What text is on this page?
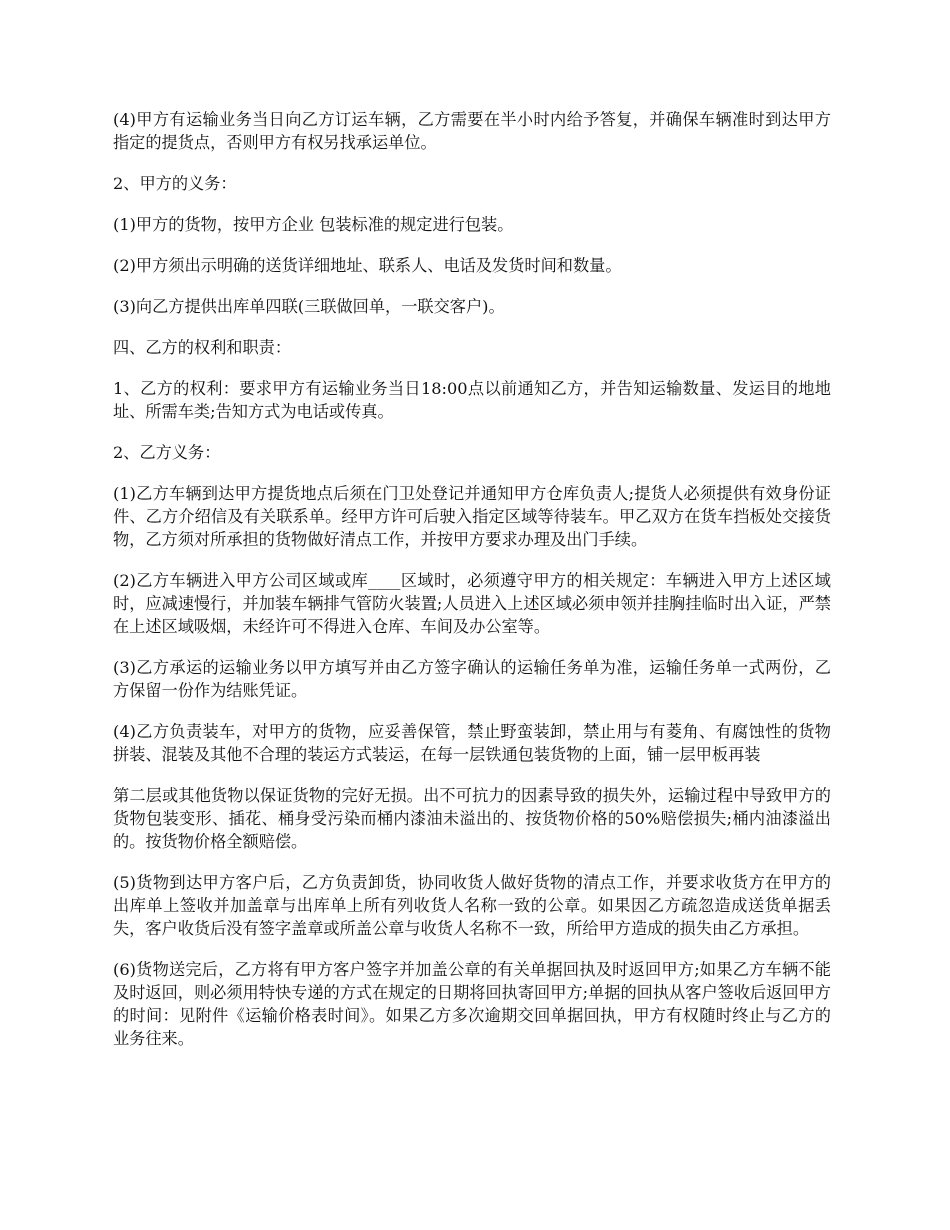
(4)甲方有运输业务当日向乙方订运车辆，乙方需要在半小时内给予答复，并确保车辆准时到达甲方指定的提货点，否则甲方有权另找承运单位。

2、甲方的义务：

(1)甲方的货物，按甲方企业 包装标准的规定进行包装。

(2)甲方须出示明确的送货详细地址、联系人、电话及发货时间和数量。

(3)向乙方提供出库单四联(三联做回单，一联交客户)。

四、乙方的权利和职责：

1、乙方的权利：要求甲方有运输业务当日18:00点以前通知乙方，并告知运输数量、发运目的地地址、所需车类;告知方式为电话或传真。

2、乙方义务：

(1)乙方车辆到达甲方提货地点后须在门卫处登记并通知甲方仓库负责人;提货人必须提供有效身份证件、乙方介绍信及有关联系单。经甲方许可后驶入指定区域等待装车。甲乙双方在货车挡板处交接货物，乙方须对所承担的货物做好清点工作，并按甲方要求办理及出门手续。

(2)乙方车辆进入甲方公司区域或库____区域时，必须遵守甲方的相关规定：车辆进入甲方上述区域时，应减速慢行，并加装车辆排气管防火装置;人员进入上述区域必须申领并挂胸挂临时出入证，严禁在上述区域吸烟，未经许可不得进入仓库、车间及办公室等。

(3)乙方承运的运输业务以甲方填写并由乙方签字确认的运输任务单为准，运输任务单一式两份，乙方保留一份作为结账凭证。

(4)乙方负责装车，对甲方的货物，应妥善保管，禁止野蛮装卸，禁止用与有菱角、有腐蚀性的货物拼装、混装及其他不合理的装运方式装运，在每一层铁通包装货物的上面，铺一层甲板再装

第二层或其他货物以保证货物的完好无损。出不可抗力的因素导致的损失外，运输过程中导致甲方的货物包装变形、插花、桶身受污染而桶内漆油未溢出的、按货物价格的50%赔偿损失;桶内油漆溢出的。按货物价格全额赔偿。

(5)货物到达甲方客户后，乙方负责卸货，协同收货人做好货物的清点工作，并要求收货方在甲方的出库单上签收并加盖章与出库单上所有列收货人名称一致的公章。如果因乙方疏忽造成送货单据丢失，客户收货后没有签字盖章或所盖公章与收货人名称不一致，所给甲方造成的损失由乙方承担。

(6)货物送完后，乙方将有甲方客户签字并加盖公章的有关单据回执及时返回甲方;如果乙方车辆不能及时返回，则必须用特快专递的方式在规定的日期将回执寄回甲方;单据的回执从客户签收后返回甲方的时间：见附件《运输价格表时间》。如果乙方多次逾期交回单据回执，甲方有权随时终止与乙方的业务往来。
